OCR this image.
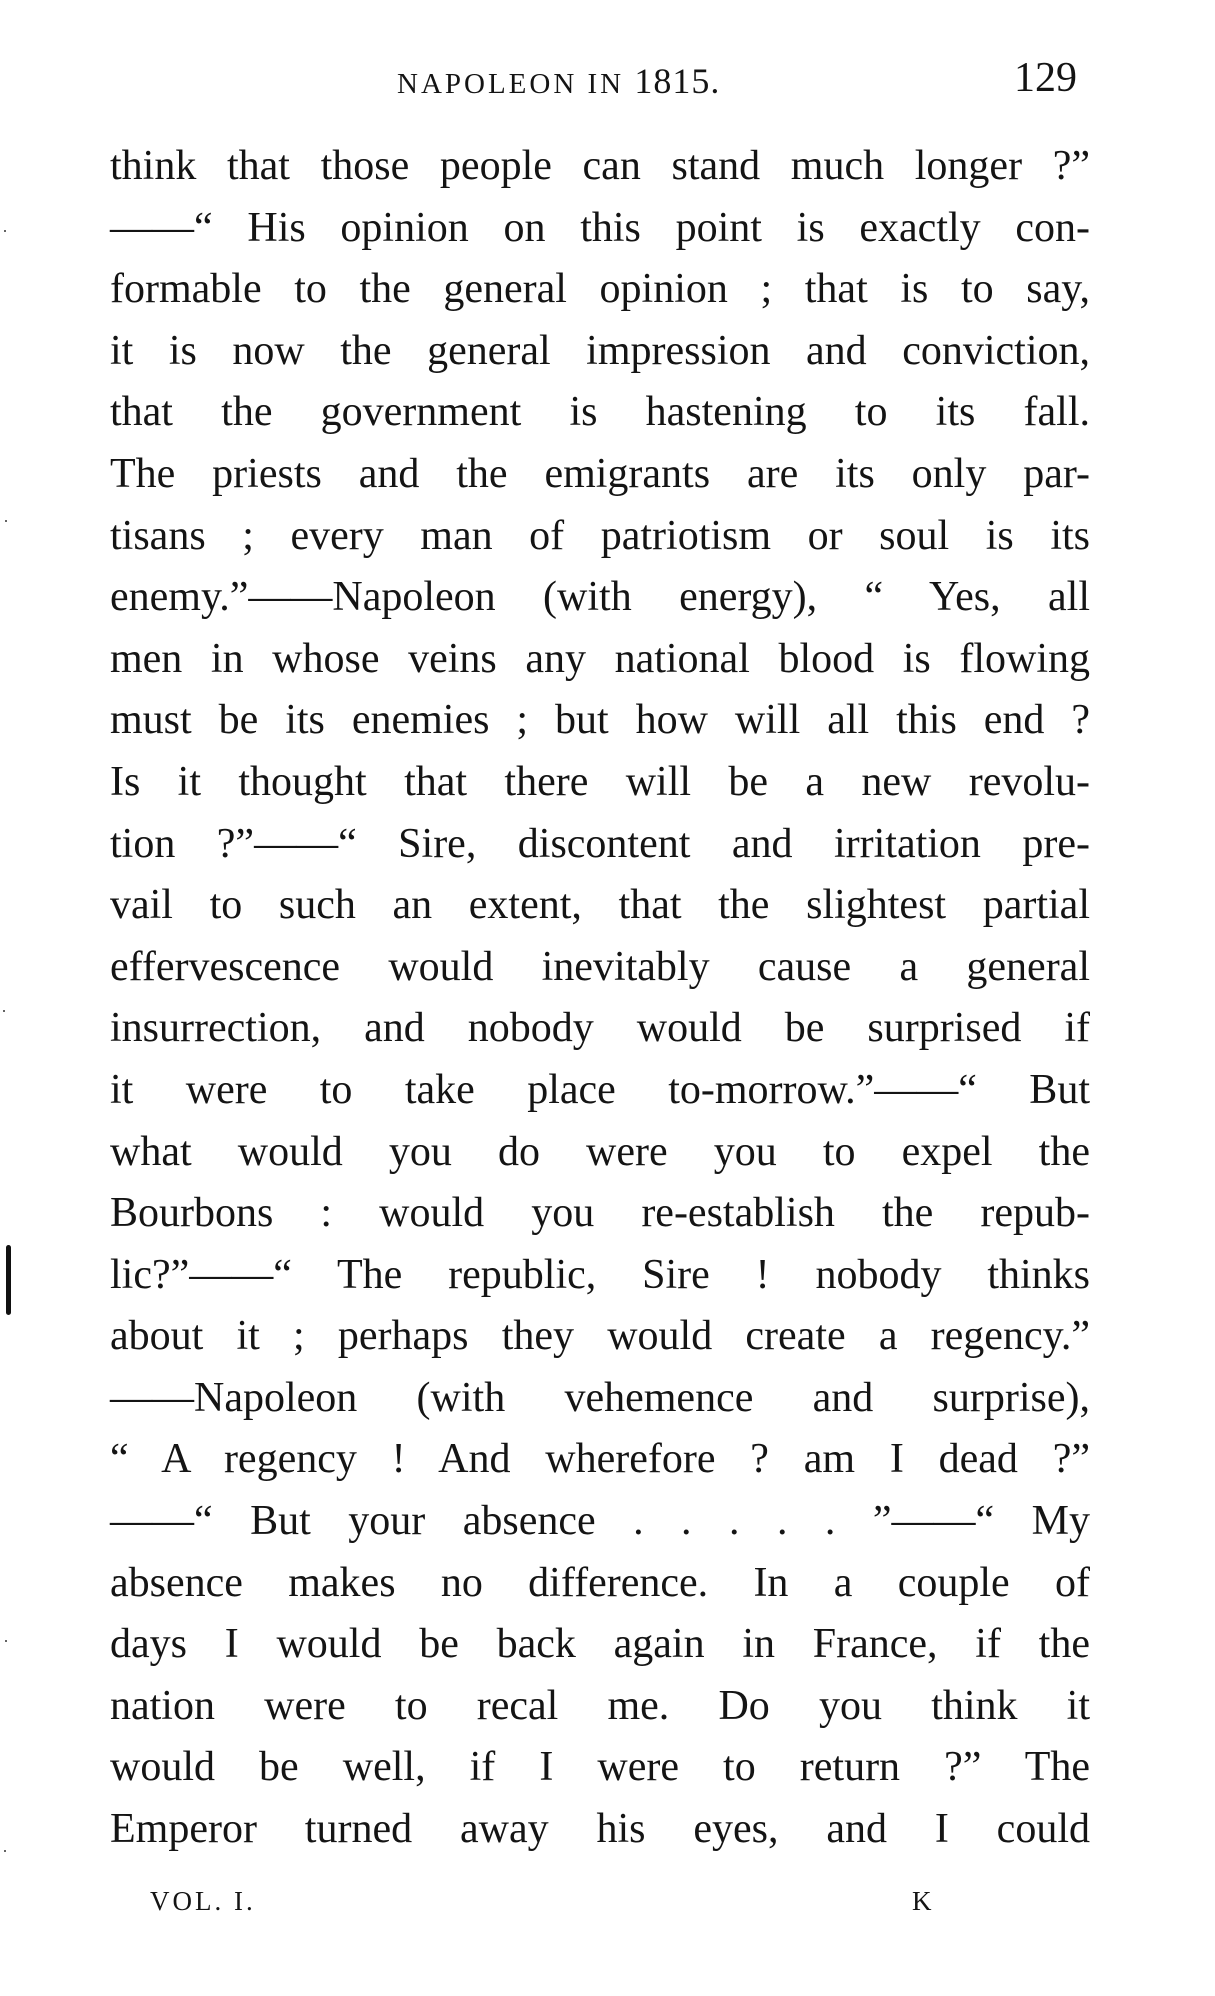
NAPOLEON IN 1815.	129
think that those people can stand much longer ?”
——“ His opinion on this point is exactly con-
formable to the general opinion ; that is to say,
it is now the general impression and conviction,
that the government is hastening to its fall.
The priests and the emigrants are its only par-
tisans ; every man of patriotism or soul is its
enemy.”——Napoleon (with energy), “ Yes, all
men in whose veins any national blood is flowing
must be its enemies ; but how will all this end ?
Is it thought that there will be a new revolu-
tion ?”——“ Sire, discontent and irritation pre-
vail to such an extent, that the slightest partial
effervescence would inevitably cause a general
insurrection, and nobody would be surprised if
it were to take place to-morrow.”——“ But
what would you do were you to expel the
Bourbons : would you re-establish the repub-
lic?”——“ The republic, Sire ! nobody thinks
about it ; perhaps they would create a regency.”
——Napoleon (with vehemence and surprise),
“ A regency ! And wherefore ? am I dead ?”
——“ But your absence . . . . . ”——“ My
absence makes no difference. In a couple of
days I would be back again in France, if the
nation were to recal me. Do you think it
would be well, if I were to return ?” The
Emperor turned away his eyes, and I could
VOL. I.	K
